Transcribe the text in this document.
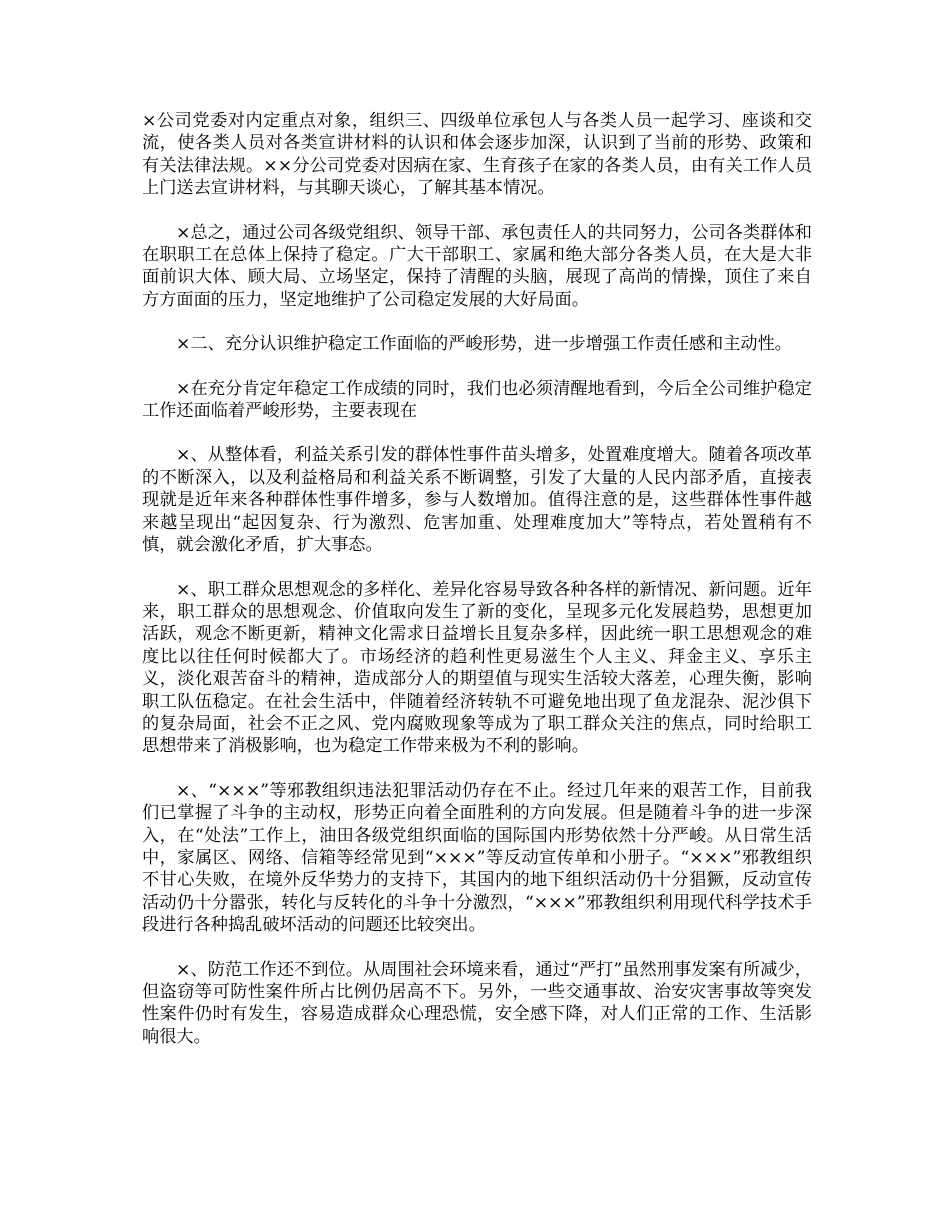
×公司党委对内定重点对象，组织三、四级单位承包人与各类人员一起学习、座谈和交流，使各类人员对各类宣讲材料的认识和体会逐步加深，认识到了当前的形势、政策和有关法律法规。××分公司党委对因病在家、生育孩子在家的各类人员，由有关工作人员上门送去宣讲材料，与其聊天谈心，了解其基本情况。

×总之，通过公司各级党组织、领导干部、承包责任人的共同努力，公司各类群体和在职职工在总体上保持了稳定。广大干部职工、家属和绝大部分各类人员，在大是大非面前识大体、顾大局、立场坚定，保持了清醒的头脑，展现了高尚的情操，顶住了来自方方面面的压力，坚定地维护了公司稳定发展的大好局面。

×二、充分认识维护稳定工作面临的严峻形势，进一步增强工作责任感和主动性。

×在充分肯定年稳定工作成绩的同时，我们也必须清醒地看到，今后全公司维护稳定工作还面临着严峻形势，主要表现在

×、从整体看，利益关系引发的群体性事件苗头增多，处置难度增大。随着各项改革的不断深入，以及利益格局和利益关系不断调整，引发了大量的人民内部矛盾，直接表现就是近年来各种群体性事件增多，参与人数增加。值得注意的是，这些群体性事件越来越呈现出“起因复杂、行为激烈、危害加重、处理难度加大”等特点，若处置稍有不慎，就会激化矛盾，扩大事态。

×、职工群众思想观念的多样化、差异化容易导致各种各样的新情况、新问题。近年来，职工群众的思想观念、价值取向发生了新的变化，呈现多元化发展趋势，思想更加活跃，观念不断更新，精神文化需求日益增长且复杂多样，因此统一职工思想观念的难度比以往任何时候都大了。市场经济的趋利性更易滋生个人主义、拜金主义、享乐主义，淡化艰苦奋斗的精神，造成部分人的期望值与现实生活较大落差，心理失衡，影响职工队伍稳定。在社会生活中，伴随着经济转轨不可避免地出现了鱼龙混杂、泥沙俱下的复杂局面，社会不正之风、党内腐败现象等成为了职工群众关注的焦点，同时给职工思想带来了消极影响，也为稳定工作带来极为不利的影响。

×、“×××”等邪教组织违法犯罪活动仍存在不止。经过几年来的艰苦工作，目前我们已掌握了斗争的主动权，形势正向着全面胜利的方向发展。但是随着斗争的进一步深入，在“处法”工作上，油田各级党组织面临的国际国内形势依然十分严峻。从日常生活中，家属区、网络、信箱等经常见到“×××”等反动宣传单和小册子。“×××”邪教组织不甘心失败，在境外反华势力的支持下，其国内的地下组织活动仍十分猖獗，反动宣传活动仍十分嚣张，转化与反转化的斗争十分激烈，“×××”邪教组织利用现代科学技术手段进行各种捣乱破坏活动的问题还比较突出。

×、防范工作还不到位。从周围社会环境来看，通过“严打”虽然刑事发案有所减少，但盗窃等可防性案件所占比例仍居高不下。另外，一些交通事故、治安灾害事故等突发性案件仍时有发生，容易造成群众心理恐慌，安全感下降，对人们正常的工作、生活影响很大。
